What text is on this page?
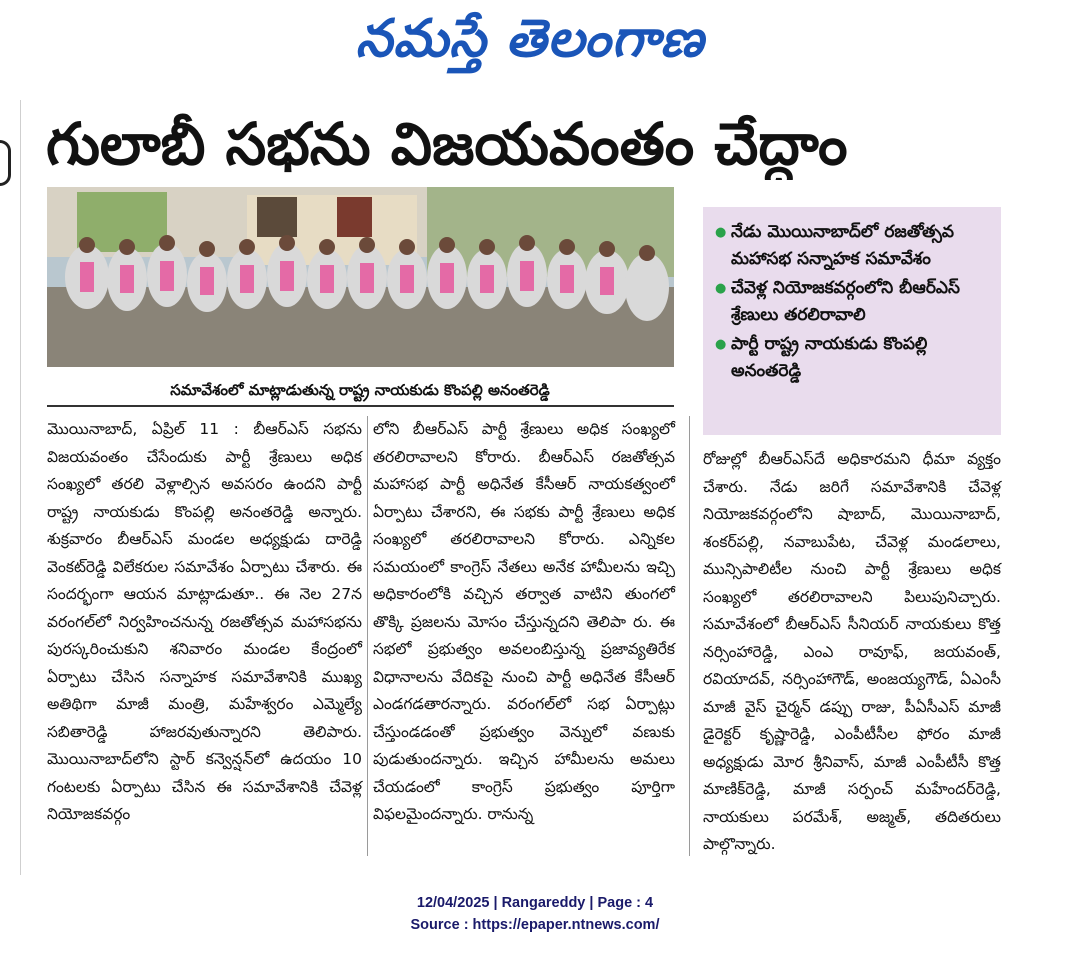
నమస్తే తెలంగాణ
గులాబీ సభను విజయవంతం చేద్దాం
సమావేశంలో మాట్లాడుతున్న రాష్ట్ర నాయకుడు కొంపల్లి అనంతరెడ్డి
● నేడు మొయినాబాద్‌లో రజతోత్సవ మహాసభ సన్నాహక సమావేశం
● చేవెళ్ల నియోజకవర్గంలోని బీఆర్‌ఎస్ శ్రేణులు తరలిరావాలి
● పార్టీ రాష్ట్ర నాయకుడు కొంపల్లి అనంతరెడ్డి

మొయినాబాద్, ఏప్రిల్ 11 : బీఆర్‌ఎస్ సభను విజయవంతం చేసేందుకు పార్టీ శ్రేణులు అధిక సంఖ్యలో తరలి వెళ్లాల్సిన అవసరం ఉందని పార్టీ రాష్ట్ర నాయకుడు కొంపల్లి అనంతరెడ్డి అన్నారు. శుక్రవారం బీఆర్‌ఎస్ మండల అధ్యక్షుడు దారెడ్డి వెంకట్‌రెడ్డి విలేకరుల సమావేశం ఏర్పాటు చేశారు. ఈ సందర్భంగా ఆయన మాట్లాడుతూ.. ఈ నెల 27న వరంగల్‌లో నిర్వహించనున్న రజతోత్సవ మహాసభను పురస్కరించుకుని శనివారం మండల కేంద్రంలో ఏర్పాటు చేసిన సన్నాహక సమావేశానికి ముఖ్య అతిథిగా మాజీ మంత్రి, మహేశ్వరం ఎమ్మెల్యే సబితారెడ్డి హాజరవుతున్నారని తెలిపారు. మొయినాబాద్‌లోని స్టార్ కన్వెన్షన్‌లో ఉదయం 10 గంటలకు ఏర్పాటు చేసిన ఈ సమావేశానికి చేవెళ్ల నియోజకవర్గం

లోని బీఆర్‌ఎస్ పార్టీ శ్రేణులు అధిక సంఖ్యలో తరలిరావాలని కోరారు. బీఆర్‌ఎస్ రజతోత్సవ మహాసభ పార్టీ అధినేత కేసీఆర్ నాయకత్వంలో ఏర్పాటు చేశారని, ఈ సభకు పార్టీ శ్రేణులు అధిక సంఖ్యలో తరలిరావాలని కోరారు. ఎన్నికల సమయంలో కాంగ్రెస్ నేతలు అనేక హామీలను ఇచ్చి అధికారంలోకి వచ్చిన తర్వాత వాటిని తుంగలో తొక్కి ప్రజలను మోసం చేస్తున్నదని తెలిపా రు. ఈ సభలో ప్రభుత్వం అవలంబిస్తున్న ప్రజావ్యతిరేక విధానాలను వేదికపై నుంచి పార్టీ అధినేత కేసీఆర్ ఎండగడతారన్నారు. వరంగల్‌లో సభ ఏర్పాట్లు చేస్తుండడంతో ప్రభుత్వం వెన్నులో వణుకు పుడుతుందన్నారు. ఇచ్చిన హామీలను అమలు చేయడంలో కాంగ్రెస్ ప్రభుత్వం పూర్తిగా విఫలమైందన్నారు. రానున్న

రోజుల్లో బీఆర్‌ఎస్‌దే అధికారమని ధీమా వ్యక్తం చేశారు. నేడు జరిగే సమావేశానికి చేవెళ్ల నియోజకవర్గంలోని షాబాద్, మొయినాబాద్, శంకర్‌పల్లి, నవాబుపేట, చేవెళ్ల మండలాలు, మున్సిపాలిటీల నుంచి పార్టీ శ్రేణులు అధిక సంఖ్యలో తరలిరావాలని పిలుపునిచ్చారు. సమావేశంలో బీఆర్‌ఎస్ సీనియర్ నాయకులు కొత్త నర్సింహారెడ్డి, ఎంఎ రావూఫ్, జయవంత్, రవియాదవ్, నర్సింహాగౌడ్, అంజయ్యగౌడ్, ఏఎంసీ మాజీ వైస్ చైర్మన్ డప్పు రాజు, పీఏసీఎస్ మాజీ డైరెక్టర్ కృష్ణారెడ్డి, ఎంపీటీసీల ఫోరం మాజీ అధ్యక్షుడు మోర శ్రీనివాస్, మాజీ ఎంపీటీసీ కొత్త మాణిక్‌రెడ్డి, మాజీ సర్పంచ్ మహేందర్‌రెడ్డి, నాయకులు పరమేశ్, అజ్మత్, తదితరులు పాల్గొన్నారు.

12/04/2025 | Rangareddy | Page : 4
Source : https://epaper.ntnews.com/
